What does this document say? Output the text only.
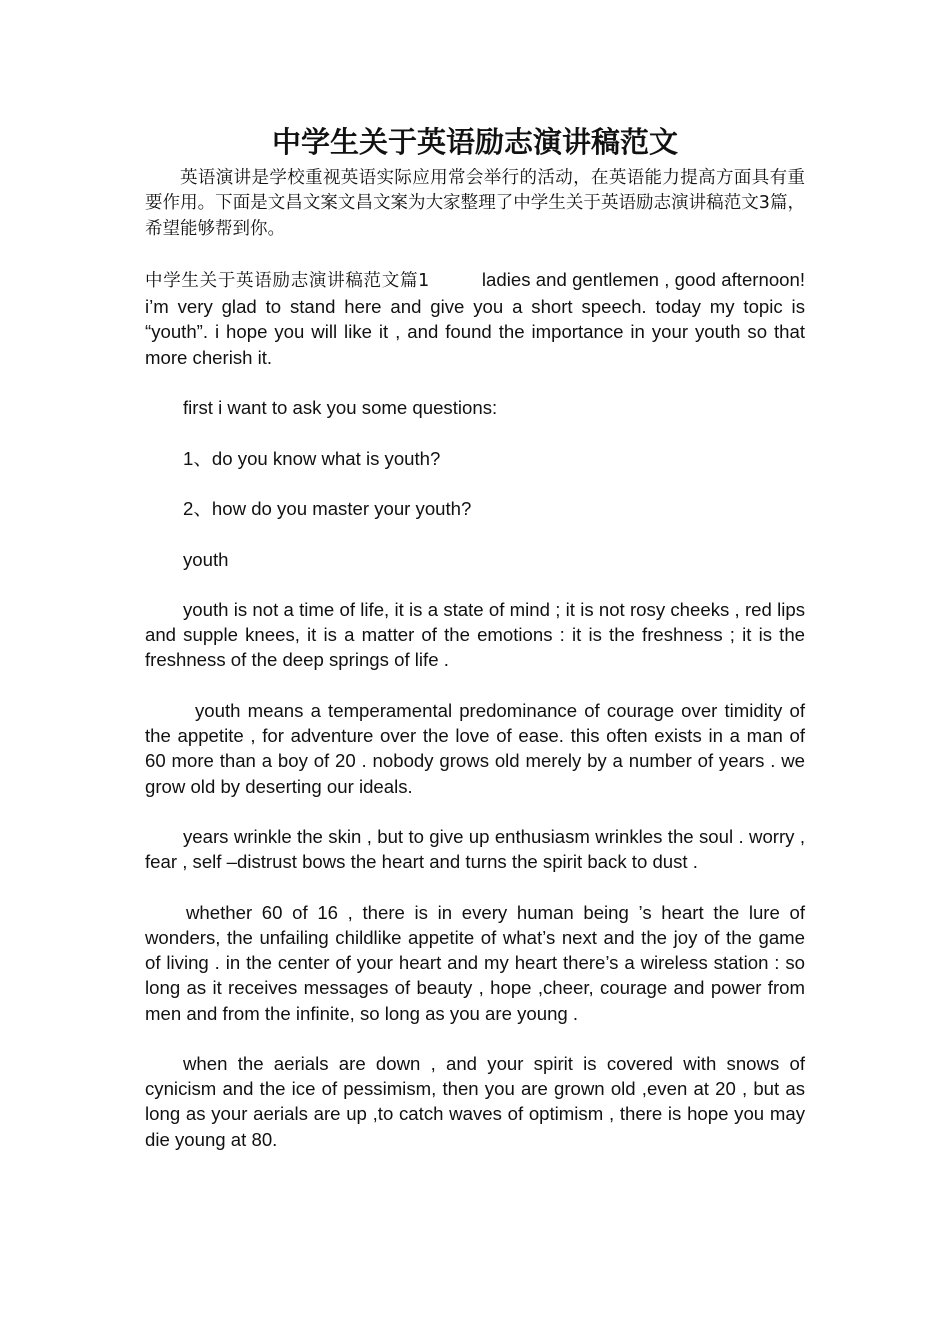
中学生关于英语励志演讲稿范文

英语演讲是学校重视英语实际应用常会举行的活动，在英语能力提高方面具有重要作用。下面是文昌文案文昌文案为大家整理了中学生关于英语励志演讲稿范文3篇，希望能够帮到你。

中学生关于英语励志演讲稿范文篇1	ladies and gentlemen , good afternoon! i’m very glad to stand here and give you a short speech. today my topic is “youth”. i hope you will like it , and found the importance in your youth so that more cherish it.

first i want to ask you some questions:

1、do you know what is youth?

2、how do you master your youth?

youth

youth is not a time of life, it is a state of mind ; it is not rosy cheeks , red lips and supple knees, it is a matter of the emotions : it is the freshness ; it is the freshness of the deep springs of life .

youth means a temperamental predominance of courage over timidity of the appetite , for adventure over the love of ease. this often exists in a man of 60 more than a boy of 20 . nobody grows old merely by a number of years . we grow old by deserting our ideals.

years wrinkle the skin , but to give up enthusiasm wrinkles the soul . worry , fear , self –distrust bows the heart and turns the spirit back to dust .

whether 60 of 16 , there is in every human being ’s heart the lure of wonders, the unfailing childlike appetite of what’s next and the joy of the game of living . in the center of your heart and my heart there’s a wireless station : so long as it receives messages of beauty , hope ,cheer, courage and power from men and from the infinite, so long as you are young .

when the aerials are down , and your spirit is covered with snows of cynicism and the ice of pessimism, then you are grown old ,even at 20 , but as long as your aerials are up ,to catch waves of optimism , there is hope you may die young at 80.
